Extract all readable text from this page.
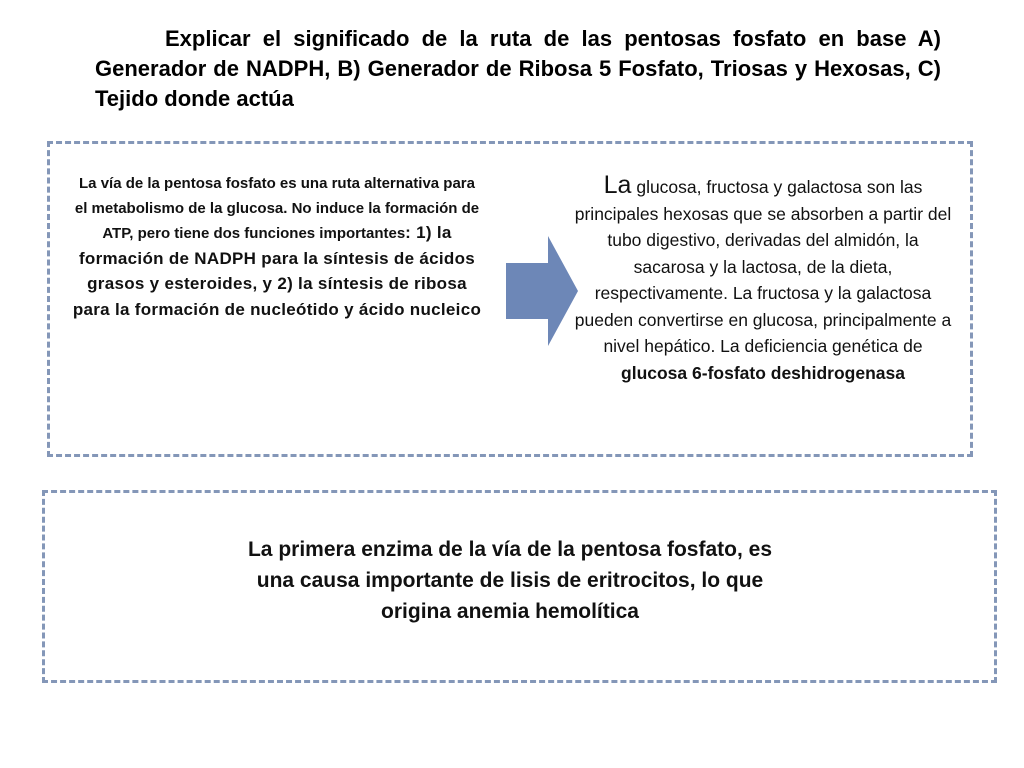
Explicar el significado de la ruta de las pentosas fosfato en base A) Generador de NADPH, B) Generador de Ribosa 5 Fosfato, Triosas y Hexosas, C) Tejido donde actúa

La vía de la pentosa fosfato es una ruta alternativa para el metabolismo de la glucosa. No induce la formación de ATP, pero tiene dos funciones importantes: 1) la formación de NADPH para la síntesis de ácidos grasos y esteroides, y 2) la síntesis de ribosa para la formación de nucleótido y ácido nucleico

La glucosa, fructosa y galactosa son las principales hexosas que se absorben a partir del tubo digestivo, derivadas del almidón, la sacarosa y la lactosa, de la dieta, respectivamente. La fructosa y la galactosa pueden convertirse en glucosa, principalmente a nivel hepático. La deficiencia genética de glucosa 6-fosfato deshidrogenasa

La primera enzima de la vía de la pentosa fosfato, es una causa importante de lisis de eritrocitos, lo que origina anemia hemolítica
